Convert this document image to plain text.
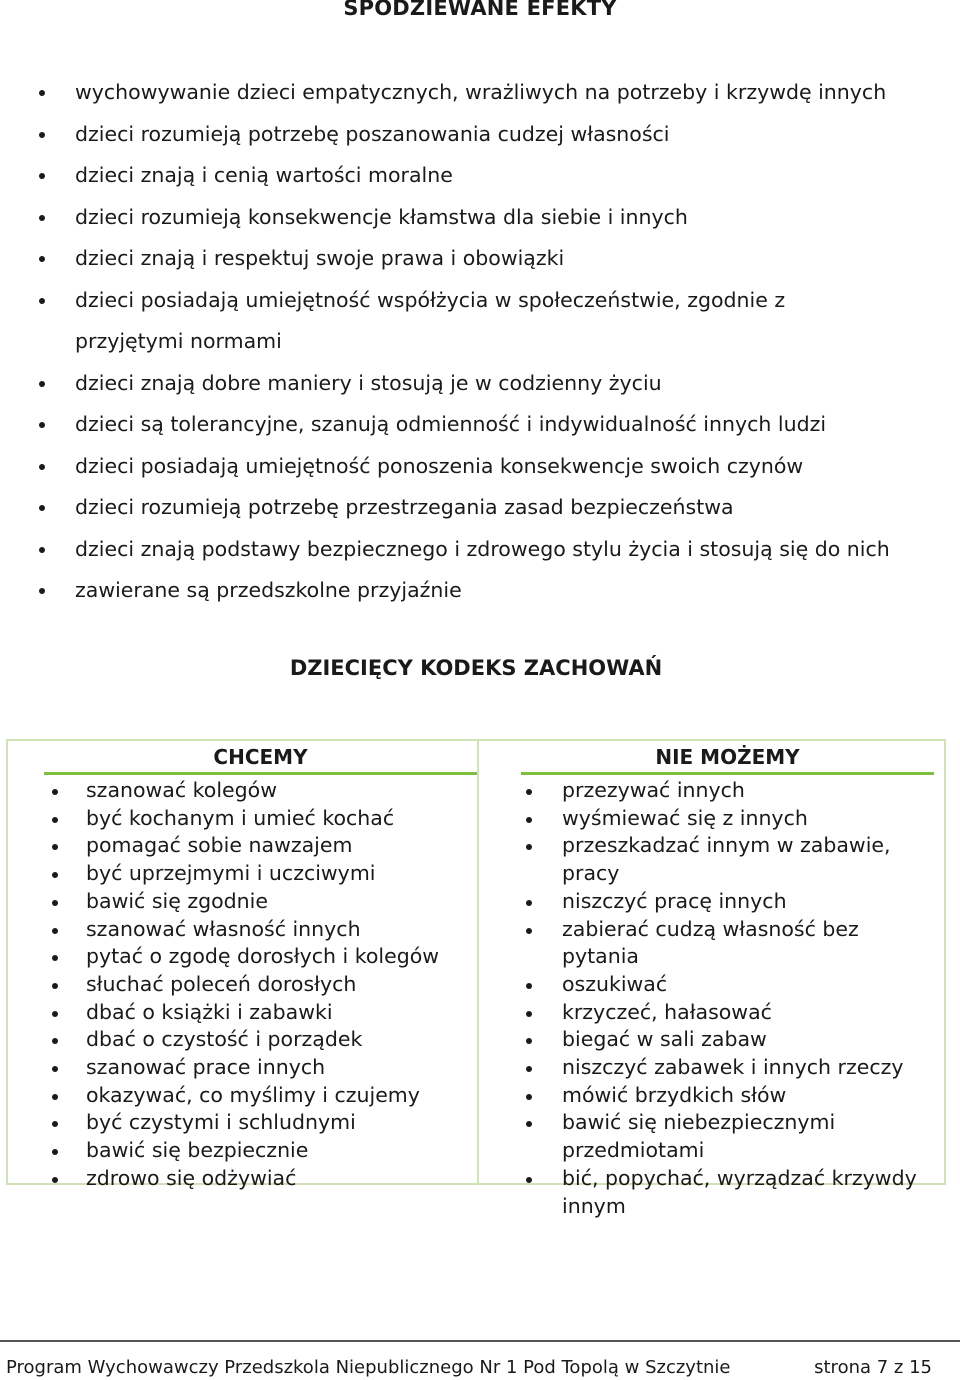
SPODZIEWANE EFEKTY
wychowywanie dzieci empatycznych, wrażliwych na potrzeby i krzywdę innych
dzieci rozumieją potrzebę poszanowania cudzej własności
dzieci znają i cenią wartości moralne
dzieci rozumieją konsekwencje kłamstwa dla siebie i innych
dzieci znają i respektuj swoje prawa i obowiązki
dzieci posiadają umiejętność współżycia w społeczeństwie, zgodnie z przyjętymi normami
dzieci znają dobre maniery i stosują je w codzienny życiu
dzieci są tolerancyjne, szanują odmienność i indywidualność innych ludzi
dzieci posiadają umiejętność ponoszenia konsekwencje swoich czynów
dzieci rozumieją potrzebę przestrzegania zasad bezpieczeństwa
dzieci znają podstawy bezpiecznego i zdrowego stylu życia i stosują się do nich
zawierane są przedszkolne przyjaźnie
DZIECIĘCY KODEKS ZACHOWAŃ
CHCEMY
szanować kolegów
być kochanym i umieć kochać
pomagać sobie nawzajem
być uprzejmymi i uczciwymi
bawić się zgodnie
szanować własność innych
pytać o zgodę dorosłych i kolegów
słuchać poleceń dorosłych
dbać o książki i zabawki
dbać o czystość i porządek
szanować prace innych
okazywać, co myślimy i czujemy
być czystymi i schludnymi
bawić się bezpiecznie
zdrowo się odżywiać
NIE MOŻEMY
przezywać innych
wyśmiewać się z innych
przeszkadzać innym w zabawie, pracy
niszczyć pracę innych
zabierać cudzą własność bez pytania
oszukiwać
krzyczeć, hałasować
biegać w sali zabaw
niszczyć zabawek i innych rzeczy
mówić brzydkich słów
bawić się niebezpiecznymi przedmiotami
bić, popychać, wyrządzać krzywdy innym
Program Wychowawczy Przedszkola Niepublicznego Nr 1 Pod Topolą w Szczytnie	strona 7 z 15
